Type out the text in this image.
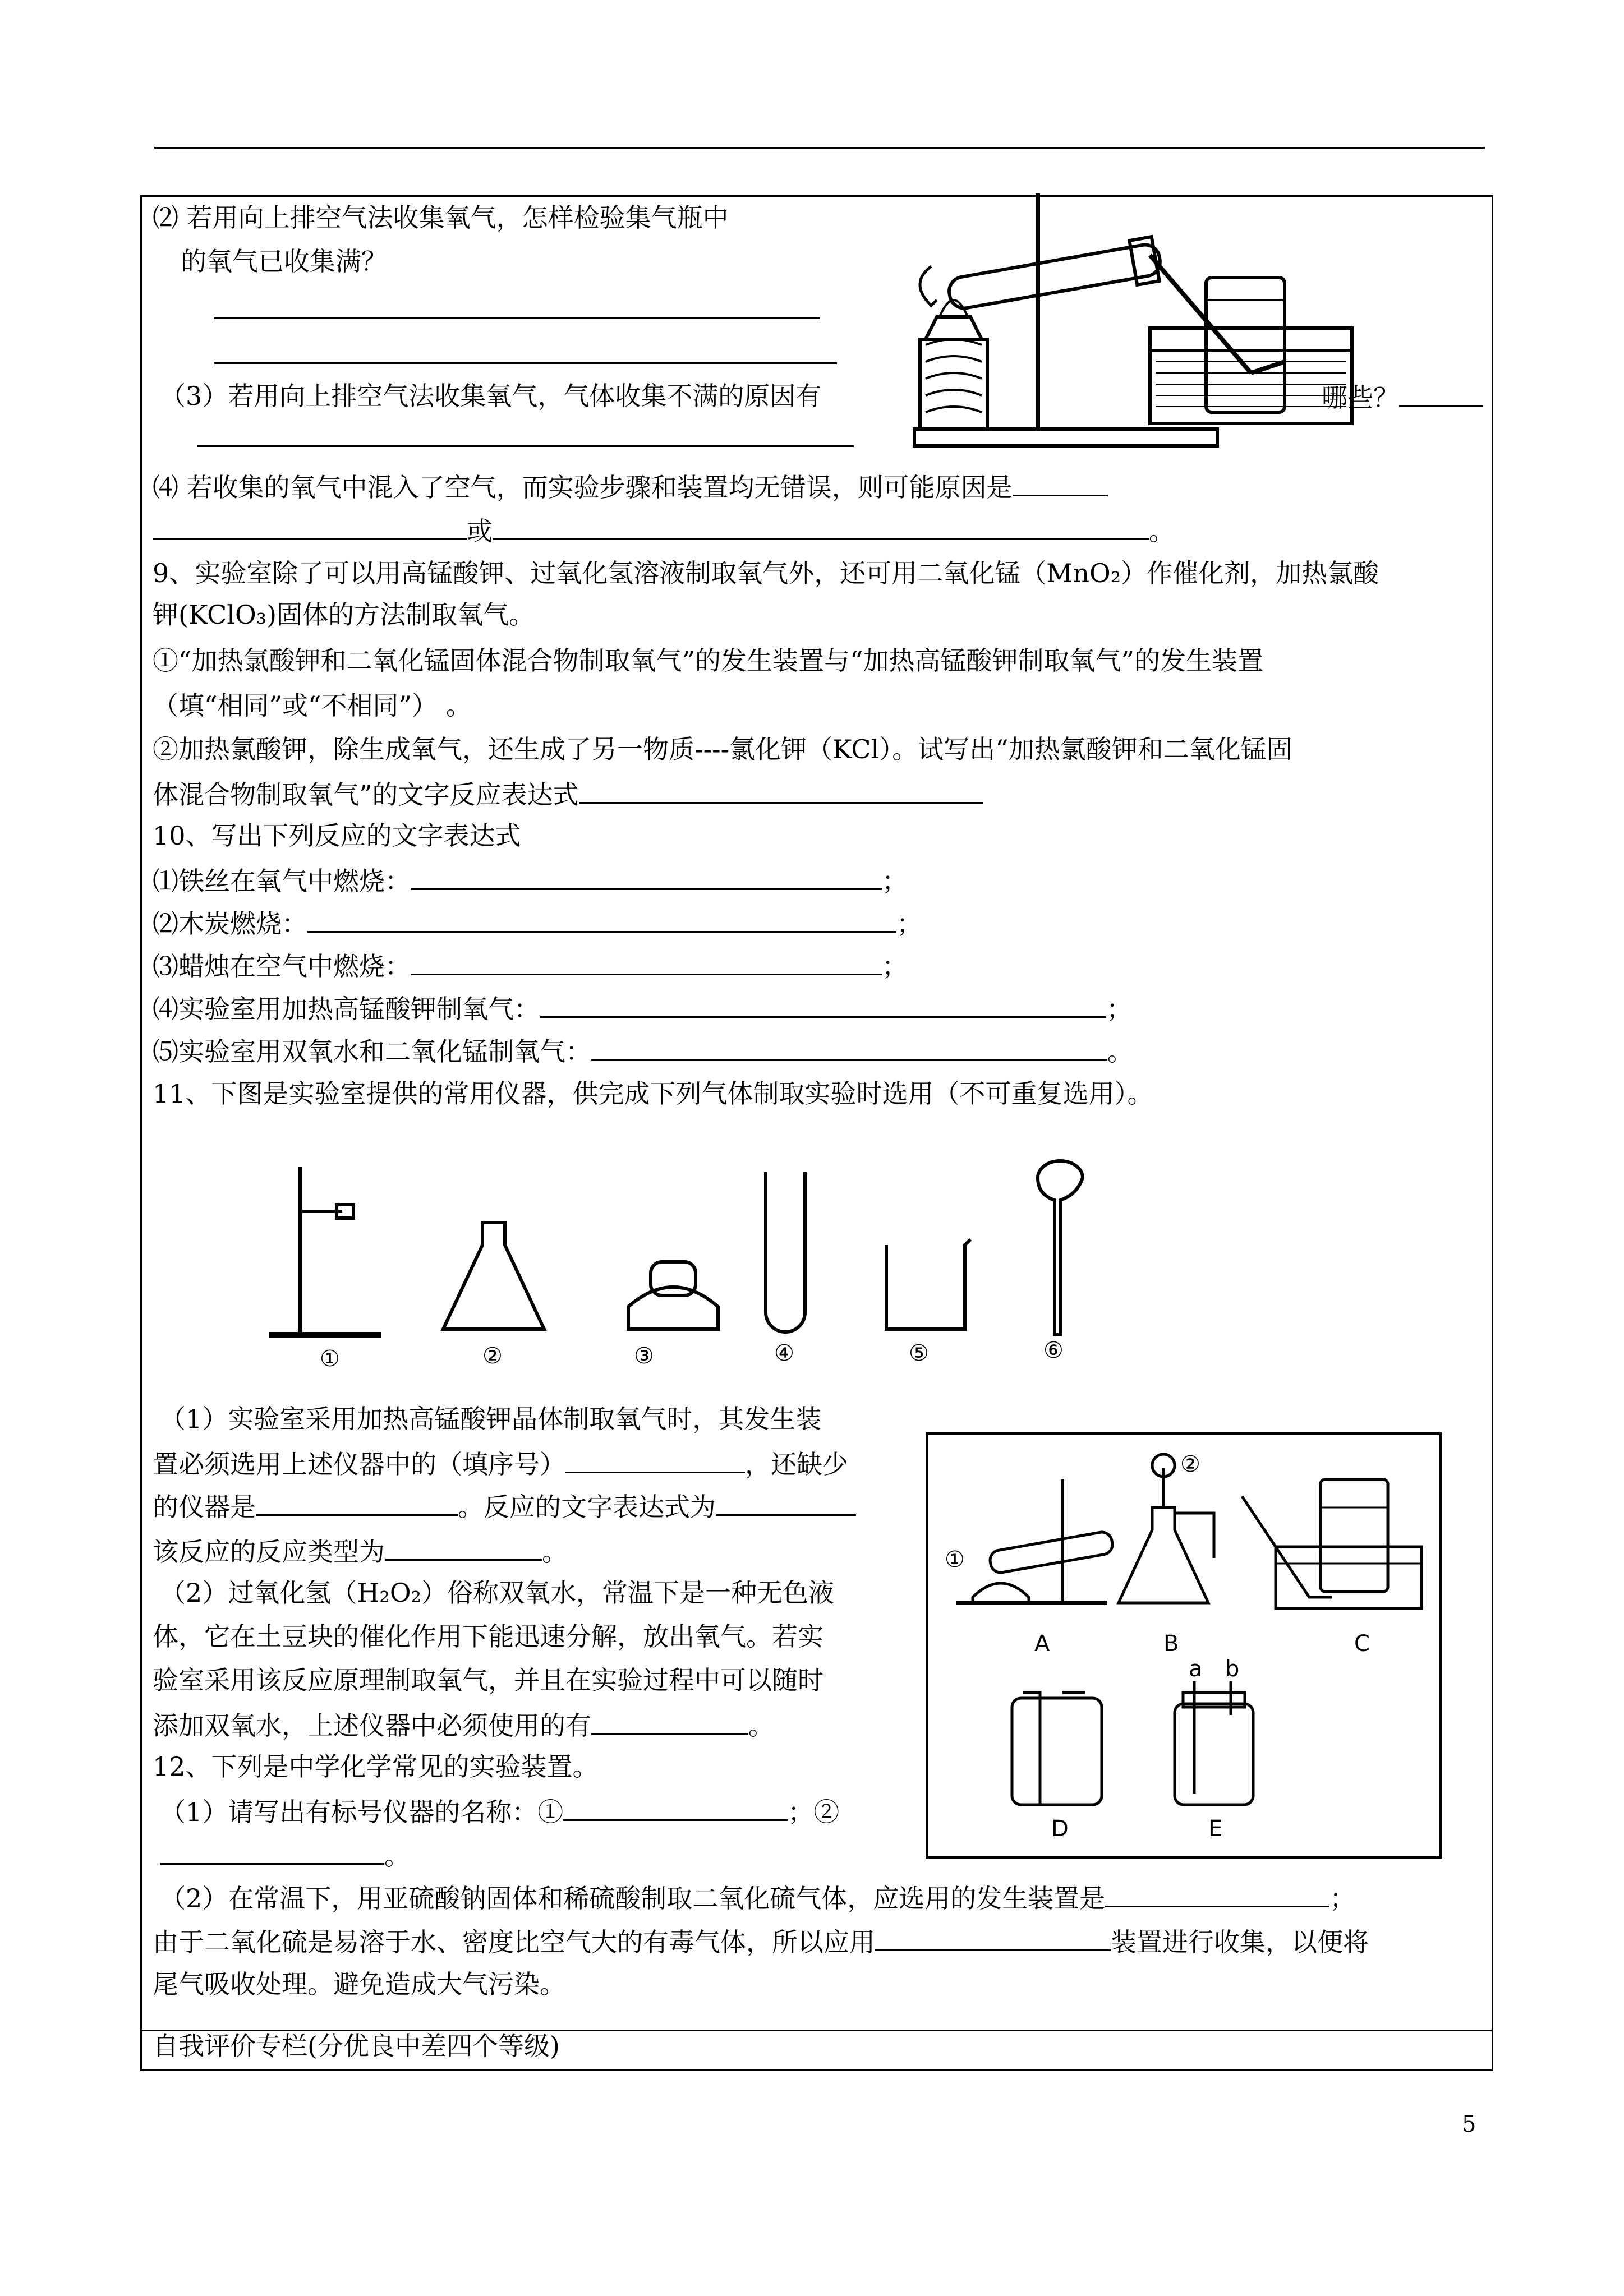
⑵ 若用向上排空气法收集氧气，怎样检验集气瓶中
的氧气已收集满？
（3）若用向上排空气法收集氧气，气体收集不满的原因有	哪些？
⑷ 若收集的氧气中混入了空气，而实验步骤和装置均无错误，则可能原因是
或	。
9、实验室除了可以用高锰酸钾、过氧化氢溶液制取氧气外，还可用二氧化锰（MnO₂）作催化剂，加热氯酸
钾(KClO₃)固体的方法制取氧气。
①“加热氯酸钾和二氧化锰固体混合物制取氧气”的发生装置与“加热高锰酸钾制取氧气”的发生装置
（填“相同”或“不相同”） 。
②加热氯酸钾，除生成氧气，还生成了另一物质----氯化钾（KCl）。试写出“加热氯酸钾和二氧化锰固
体混合物制取氧气”的文字反应表达式
10、写出下列反应的文字表达式
⑴铁丝在氧气中燃烧：	；
⑵木炭燃烧：	；
⑶蜡烛在空气中燃烧：	；
⑷实验室用加热高锰酸钾制氧气：	；
⑸实验室用双氧水和二氧化锰制氧气：	。
11、下图是实验室提供的常用仪器，供完成下列气体制取实验时选用（不可重复选用）。
①	②	③	④	⑤	⑥
（1）实验室采用加热高锰酸钾晶体制取氧气时，其发生装
置必须选用上述仪器中的（填序号）	，还缺少
的仪器是	。反应的文字表达式为
该反应的反应类型为	。
（2）过氧化氢（H₂O₂）俗称双氧水，常温下是一种无色液
体，它在土豆块的催化作用下能迅速分解，放出氧气。若实
验室采用该反应原理制取氧气，并且在实验过程中可以随时
添加双氧水，上述仪器中必须使用的有	。
12、下列是中学化学常见的实验装置。
（1）请写出有标号仪器的名称：①	；②
。
（2）在常温下，用亚硫酸钠固体和稀硫酸制取二氧化硫气体，应选用的发生装置是	；
由于二氧化硫是易溶于水、密度比空气大的有毒气体，所以应用	装置进行收集，以便将
尾气吸收处理。避免造成大气污染。
①
②
A	B	C
D	E
a b
自我评价专栏(分优良中差四个等级)
5
